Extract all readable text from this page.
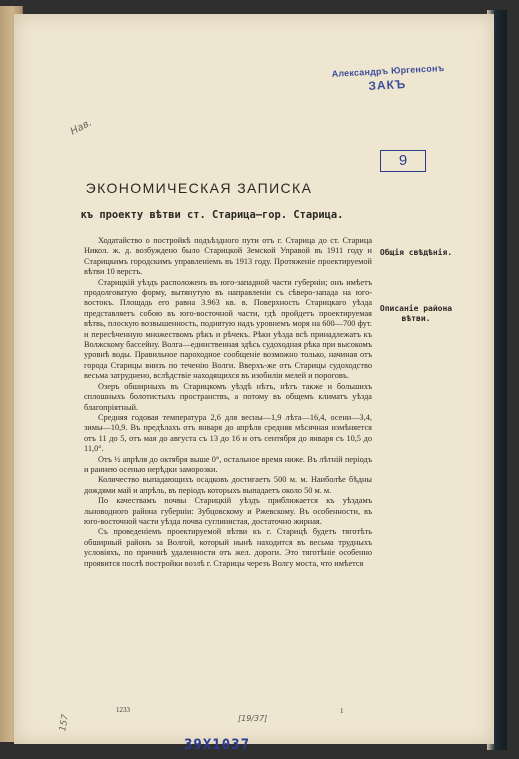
Александръ Юргенсонъ
ЗАКЪ
Нав.
9
ЭКОНОМИЧЕСКАЯ ЗАПИСКА
къ проекту вѣтви ст. Старица—гор. Старица.

Ходатайство о постройкѣ подъѣздного пути отъ г. Старица до ст. Старица Никол. ж. д. возбуждено было Старицкой Земской Управой въ 1911 году и Старицкимъ городскимъ управленіемъ въ 1913 году. Протяженіе проектируемой вѣтви 10 верстъ.

Старицкій уѣздъ расположенъ въ юго-западной части губерніи; онъ имѣетъ продолговатую форму, вытянутую въ направленіи съ сѣверо-запада на юго-востокъ. Площадь его равна 3.963 кв. в. Поверхность Старицкаго уѣзда представляетъ собою въ юго-восточной части, гдѣ пройдетъ проектируемая вѣтвь, плоскую возвышенность, поднятую надъ уровнемъ моря на 600—700 фут. и пересѣченную множествомъ рѣкъ и рѣчекъ. Рѣки уѣзда всѣ принадлежатъ къ Волжскому бассейну. Волга—единственная здѣсь судоходная рѣка при высокомъ уровнѣ воды. Правильное пароходное сообщеніе возможно только, начиная отъ города Старицы внизъ по теченію Волги. Вверхъ-же отъ Старицы судоходство весьма затруднено, вслѣдствіе находящихся въ изобиліи мелей и пороговъ.

Озеръ обширныхъ въ Старицкомъ уѣздѣ нѣтъ, нѣтъ также и большихъ сплошныхъ болотистыхъ пространствъ, а потому въ общемъ климатъ уѣзда благопріятный.

Средняя годовая температура 2,6 для весны—1,9 лѣта—16,4, осени—3,4, зимы—10,9. Въ предѣлахъ отъ января до апрѣля средняя мѣсячная измѣняется отъ 11 до 5, отъ мая до августа съ 13 до 16 и отъ сентября до января съ 10,5 до 11,0°.

Отъ ½ апрѣля до октября выше 0°, остальное время ниже. Въ лѣтній періодъ и раннею осенью нерѣдки заморозки.

Количество выпадающихъ осадковъ достигаетъ 500 м. м. Наиболѣе бѣдны дождями май и апрѣль, въ періодъ которыхъ выпадаетъ около 50 м. м.

По качествамъ почвы Старицкій уѣздъ приближается къ уѣздамъ льноводного района губерніи: Зубцовскому и Ржевскому. Въ особенности, въ юго-восточной части уѣзда почва суглинистая, достаточно жирная.

Съ проведеніемъ проектируемой вѣтви къ г. Старицѣ будетъ тяготѣть обширный районъ за Волгой, который нынѣ находится въ весьма трудныхъ условіяхъ, по причинѣ удаленности отъ жел. дороги. Это тяготѣніе особенно проявится послѣ постройки возлѣ г. Старицы черезъ Волгу моста, что имѣется

Общія свѣдѣнія.
Описаніе района вѣтви.
1233	1
[19/37]
39Х1037
157
